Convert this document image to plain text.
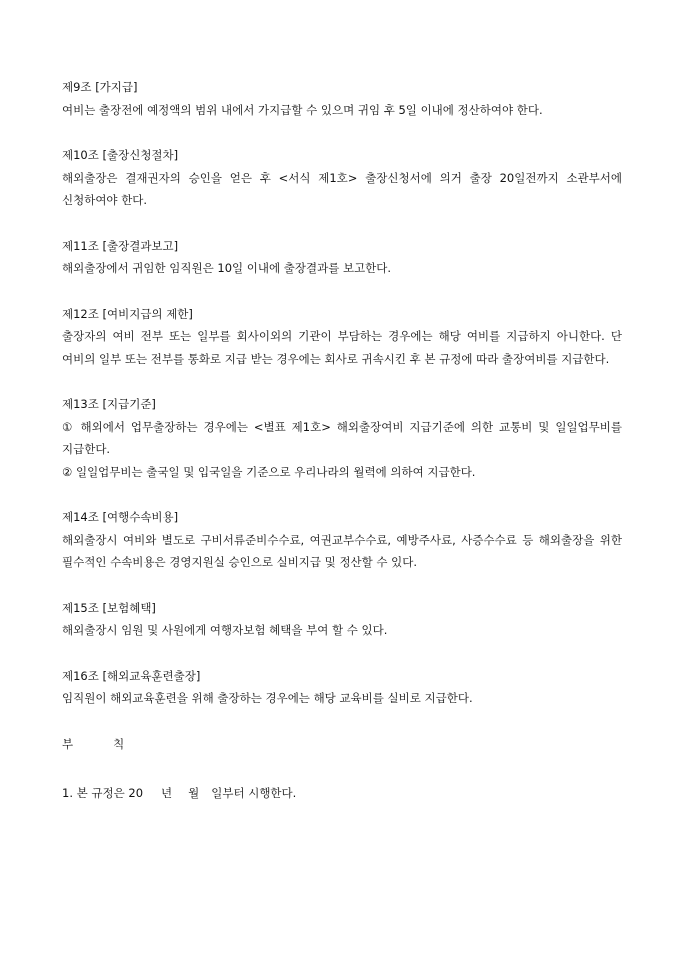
제9조 [가지급]
여비는 출장전에 예정액의 범위 내에서 가지급할 수 있으며 귀임 후 5일 이내에 정산하여야 한다.
제10조 [출장신청절차]
해외출장은 결재권자의 승인을 얻은 후 <서식 제1호> 출장신청서에 의거 출장 20일전까지 소관부서에 신청하여야 한다.
제11조 [출장결과보고]
해외출장에서 귀임한 임직원은 10일 이내에 출장결과를 보고한다.
제12조 [여비지급의 제한]
출장자의 여비 전부 또는 일부를 회사이외의 기관이 부담하는 경우에는 해당 여비를 지급하지 아니한다. 단 여비의 일부 또는 전부를 통화로 지급 받는 경우에는 회사로 귀속시킨 후 본 규정에 따라 출장여비를 지급한다.
제13조 [지급기준]
① 해외에서 업무출장하는 경우에는 <별표 제1호> 해외출장여비 지급기준에 의한 교통비 및 일일업무비를 지급한다.
② 일일업무비는 출국일 및 입국일을 기준으로 우리나라의 월력에 의하여 지급한다.
제14조 [여행수속비용]
해외출장시 여비와 별도로 구비서류준비수수료, 여권교부수수료, 예방주사료, 사증수수료 등 해외출장을 위한 필수적인 수속비용은 경영지원실 승인으로 실비지급 및 정산할 수 있다.
제15조 [보험혜택]
해외출장시 임원 및 사원에게 여행자보험 혜택을 부여 할 수 있다.
제16조 [해외교육훈련출장]
임직원이 해외교육훈련을 위해 출장하는 경우에는 해당 교육비를 실비로 지급한다.
부	칙
1. 본 규정은 20 년 월 일부터 시행한다.
